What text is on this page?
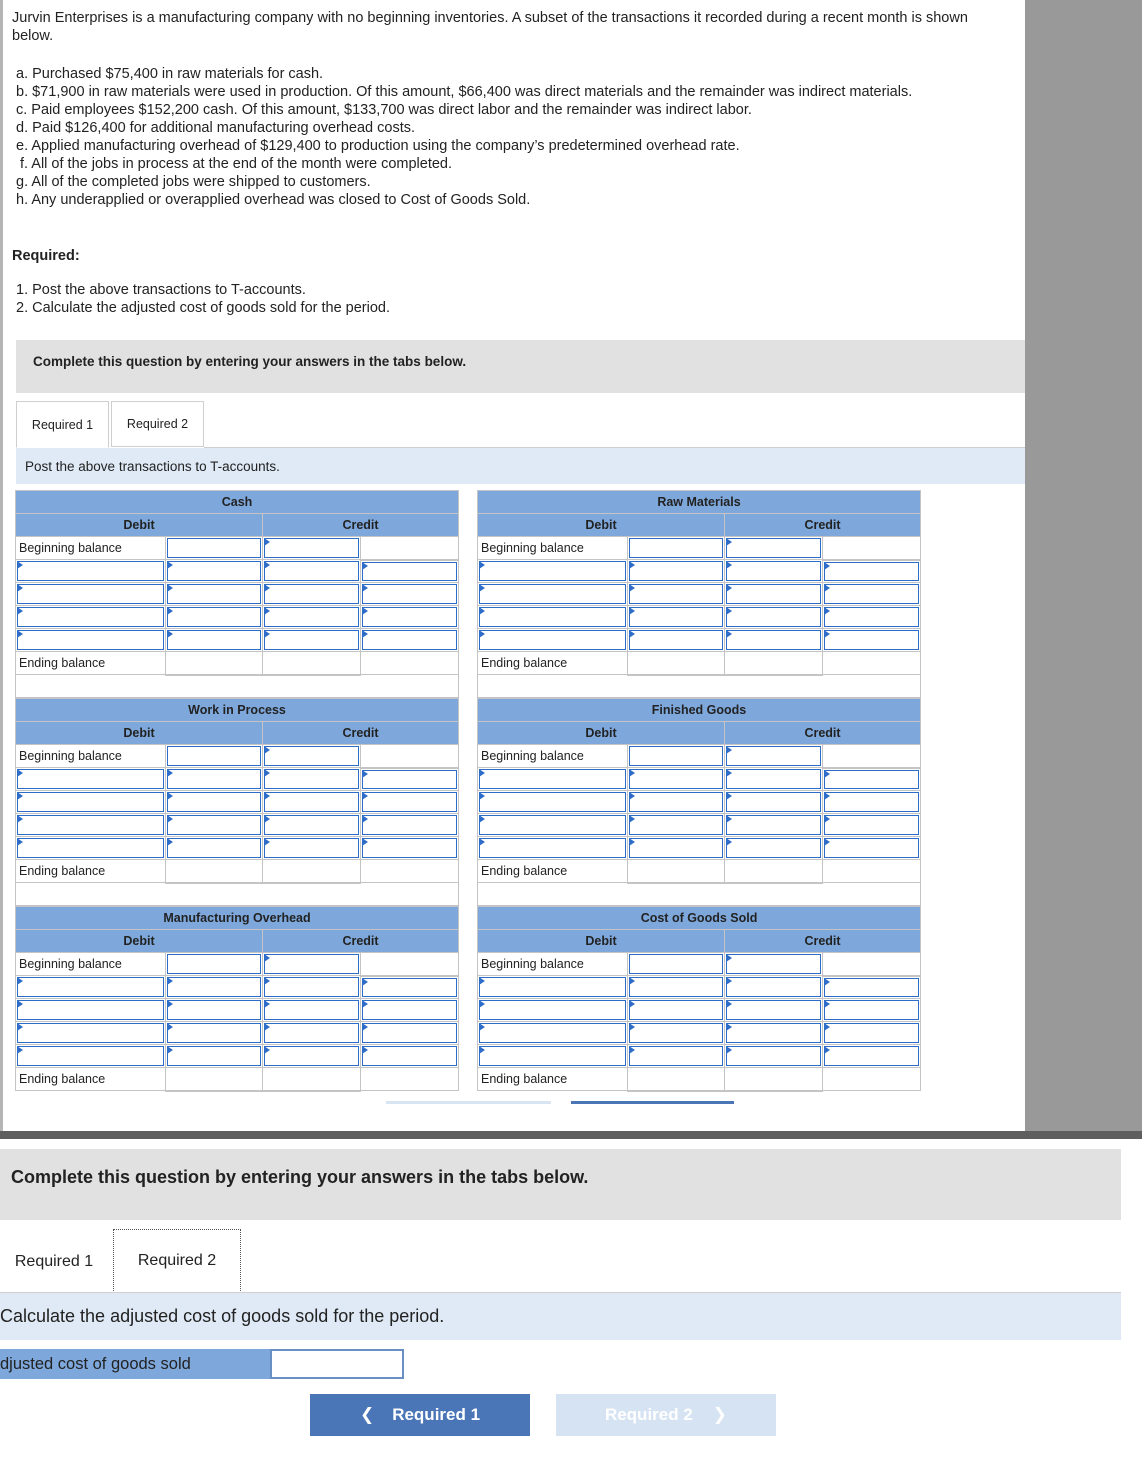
Jurvin Enterprises is a manufacturing company with no beginning inventories. A subset of the transactions it recorded during a recent month is shown below.

a. Purchased $75,400 in raw materials for cash.

b. $71,900 in raw materials were used in production. Of this amount, $66,400 was direct materials and the remainder was indirect materials.

c. Paid employees $152,200 cash. Of this amount, $133,700 was direct labor and the remainder was indirect labor.

d. Paid $126,400 for additional manufacturing overhead costs.

e. Applied manufacturing overhead of $129,400 to production using the company’s predetermined overhead rate.

f. All of the jobs in process at the end of the month were completed.

g. All of the completed jobs were shipped to customers.

h. Any underapplied or overapplied overhead was closed to Cost of Goods Sold.

Required:

1. Post the above transactions to T-accounts.

2. Calculate the adjusted cost of goods sold for the period.

Complete this question by entering your answers in the tabs below.
Required 1	Required 2
Post the above transactions to T-accounts.
Cash			
Debit		Credit	
Beginning balance	

Ending balance			

Raw Materials			
Debit		Credit	
Beginning balance	

Ending balance			

Work in Process			
Debit		Credit	
Beginning balance	

Ending balance			

Finished Goods			
Debit		Credit	
Beginning balance	

Ending balance			

Manufacturing Overhead			
Debit		Credit	
Beginning balance	

Ending balance			
Cost of Goods Sold			
Debit		Credit	
Beginning balance	

Ending balance			
Complete this question by entering your answers in the tabs below.
Required 1	Required 2
Calculate the adjusted cost of goods sold for the period.
djusted cost of goods sold
❮ Required 1	Required 2 ❯
